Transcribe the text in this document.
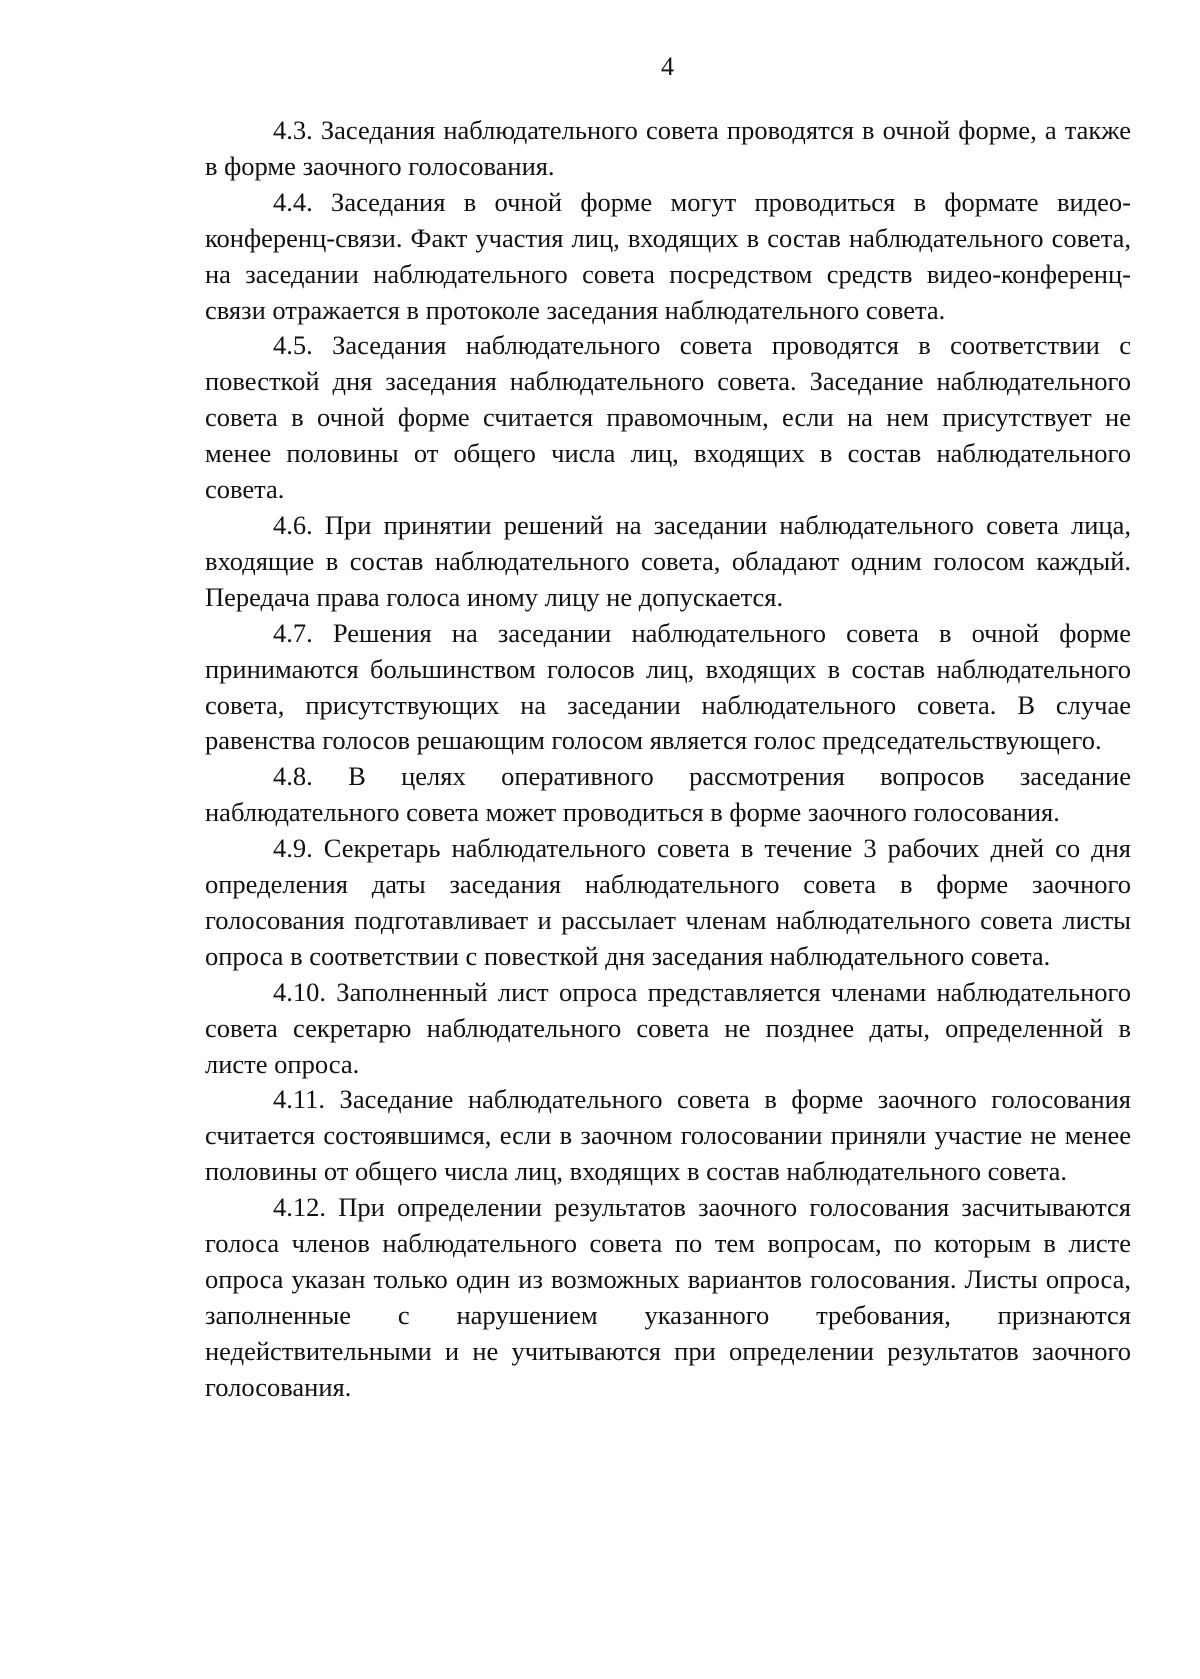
4

4.3. Заседания наблюдательного совета проводятся в очной форме, а также в форме заочного голосования.

4.4. Заседания в очной форме могут проводиться в формате видео-конференц-связи. Факт участия лиц, входящих в состав наблюдательного совета, на заседании наблюдательного совета посредством средств видео-конференц-связи отражается в протоколе заседания наблюдательного совета.

4.5. Заседания наблюдательного совета проводятся в соответствии с повесткой дня заседания наблюдательного совета. Заседание наблюдательного совета в очной форме считается правомочным, если на нем присутствует не менее половины от общего числа лиц, входящих в состав наблюдательного совета.

4.6. При принятии решений на заседании наблюдательного совета лица, входящие в состав наблюдательного совета, обладают одним голосом каждый. Передача права голоса иному лицу не допускается.

4.7. Решения на заседании наблюдательного совета в очной форме принимаются большинством голосов лиц, входящих в состав наблюдательного совета, присутствующих на заседании наблюдательного совета. В случае равенства голосов решающим голосом является голос председательствующего.

4.8. В целях оперативного рассмотрения вопросов заседание наблюдательного совета может проводиться в форме заочного голосования.

4.9. Секретарь наблюдательного совета в течение 3 рабочих дней со дня определения даты заседания наблюдательного совета в форме заочного голосования подготавливает и рассылает членам наблюдательного совета листы опроса в соответствии с повесткой дня заседания наблюдательного совета.

4.10. Заполненный лист опроса представляется членами наблюдательного совета секретарю наблюдательного совета не позднее даты, определенной в листе опроса.

4.11. Заседание наблюдательного совета в форме заочного голосования считается состоявшимся, если в заочном голосовании приняли участие не менее половины от общего числа лиц, входящих в состав наблюдательного совета.

4.12. При определении результатов заочного голосования засчитываются голоса членов наблюдательного совета по тем вопросам, по которым в листе опроса указан только один из возможных вариантов голосования. Листы опроса, заполненные с нарушением указанного требования, признаются недействительными и не учитываются при определении результатов заочного голосования.
